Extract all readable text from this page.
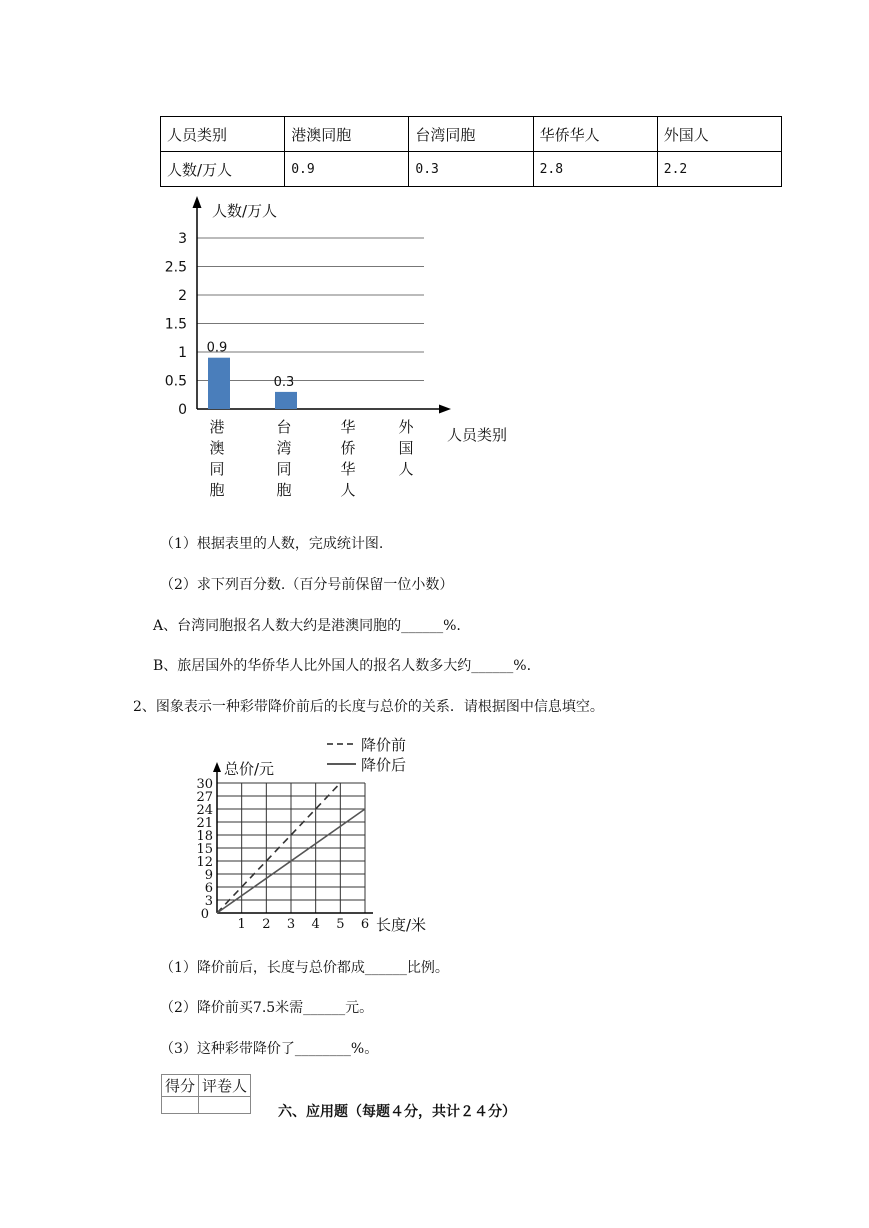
人员类别	港澳同胞	台湾同胞	华侨华人	外国人
人数/万人	0.9	0.3	2.8	2.2
0
0.5
1
1.5
2
2.5
3
人数/万人
人员类别
0.9
港
澳
同
胞
0.3
台
湾
同
胞
华
侨
华
人
外
国
人
（1）根据表里的人数，完成统计图.
（2）求下列百分数.（百分号前保留一位小数）
A、台湾同胞报名人数大约是港澳同胞的______%.
B、旅居国外的华侨华人比外国人的报名人数多大约______%.
2、图象表示一种彩带降价前后的长度与总价的关系．请根据图中信息填空。
3
6
9
12
15
18
21
24
27
30
0
1 2 3 4 5 6
总价/元
长度/米
降价前
降价后
（1）降价前后，长度与总价都成______比例。
（2）降价前买7.5米需______元。
（3）这种彩带降价了________%。
得分	评卷人

六、应用题（每题４分，共计２４分）
